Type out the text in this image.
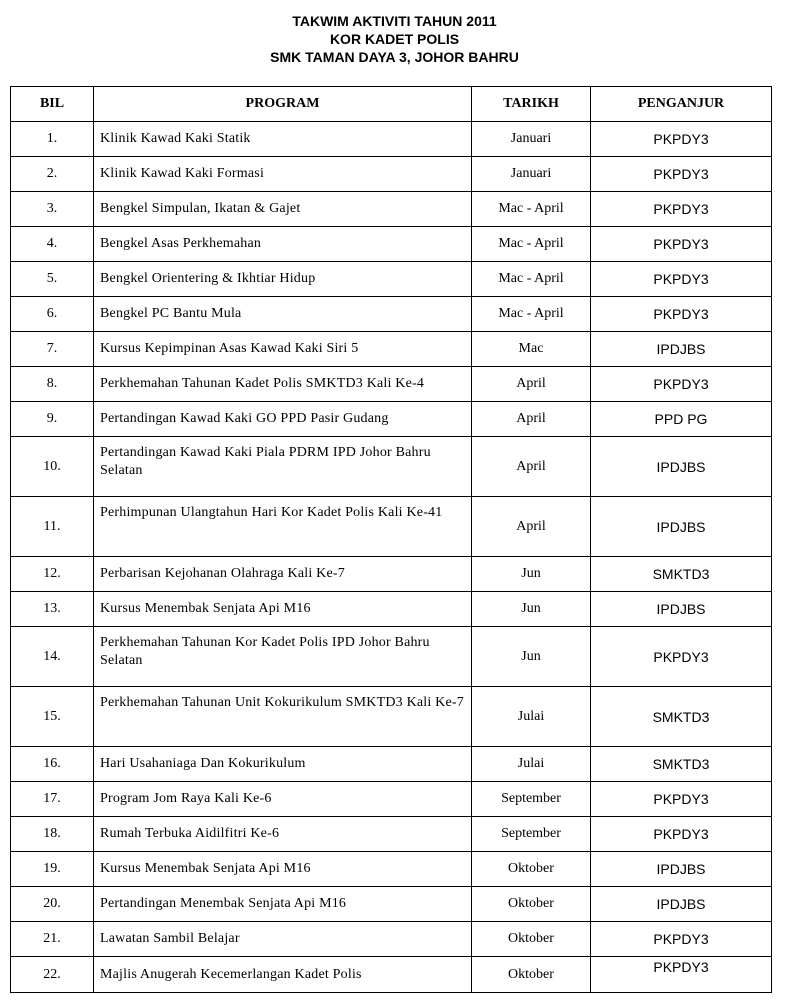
TAKWIM AKTIVITI TAHUN 2011
KOR KADET POLIS
SMK TAMAN DAYA 3, JOHOR BAHRU
BIL	PROGRAM	TARIKH	PENGANJUR
1.	Klinik Kawad Kaki Statik	Januari	PKPDY3
2.	Klinik Kawad Kaki Formasi	Januari	PKPDY3
3.	Bengkel Simpulan, Ikatan & Gajet	Mac - April	PKPDY3
4.	Bengkel Asas Perkhemahan	Mac - April	PKPDY3
5.	Bengkel Orientering & Ikhtiar Hidup	Mac - April	PKPDY3
6.	Bengkel PC Bantu Mula	Mac - April	PKPDY3
7.	Kursus Kepimpinan Asas Kawad Kaki Siri 5	Mac	IPDJBS
8.	Perkhemahan Tahunan Kadet Polis SMKTD3 Kali Ke-4	April	PKPDY3
9.	Pertandingan Kawad Kaki GO PPD Pasir Gudang	April	PPD PG
10.	Pertandingan Kawad Kaki Piala PDRM IPD Johor Bahru Selatan	April	IPDJBS
11.	Perhimpunan Ulangtahun Hari Kor Kadet Polis Kali Ke-41	April	IPDJBS
12.	Perbarisan Kejohanan Olahraga Kali Ke-7	Jun	SMKTD3
13.	Kursus Menembak Senjata Api M16	Jun	IPDJBS
14.	Perkhemahan Tahunan Kor Kadet Polis IPD Johor Bahru Selatan	Jun	PKPDY3
15.	Perkhemahan Tahunan Unit Kokurikulum SMKTD3 Kali Ke-7	Julai	SMKTD3
16.	Hari Usahaniaga Dan Kokurikulum	Julai	SMKTD3
17.	Program Jom Raya Kali Ke-6	September	PKPDY3
18.	Rumah Terbuka Aidilfitri Ke-6	September	PKPDY3
19.	Kursus Menembak Senjata Api M16	Oktober	IPDJBS
20.	Pertandingan Menembak Senjata Api M16	Oktober	IPDJBS
21.	Lawatan Sambil Belajar	Oktober	PKPDY3
22.	Majlis Anugerah Kecemerlangan Kadet Polis	Oktober	PKPDY3
